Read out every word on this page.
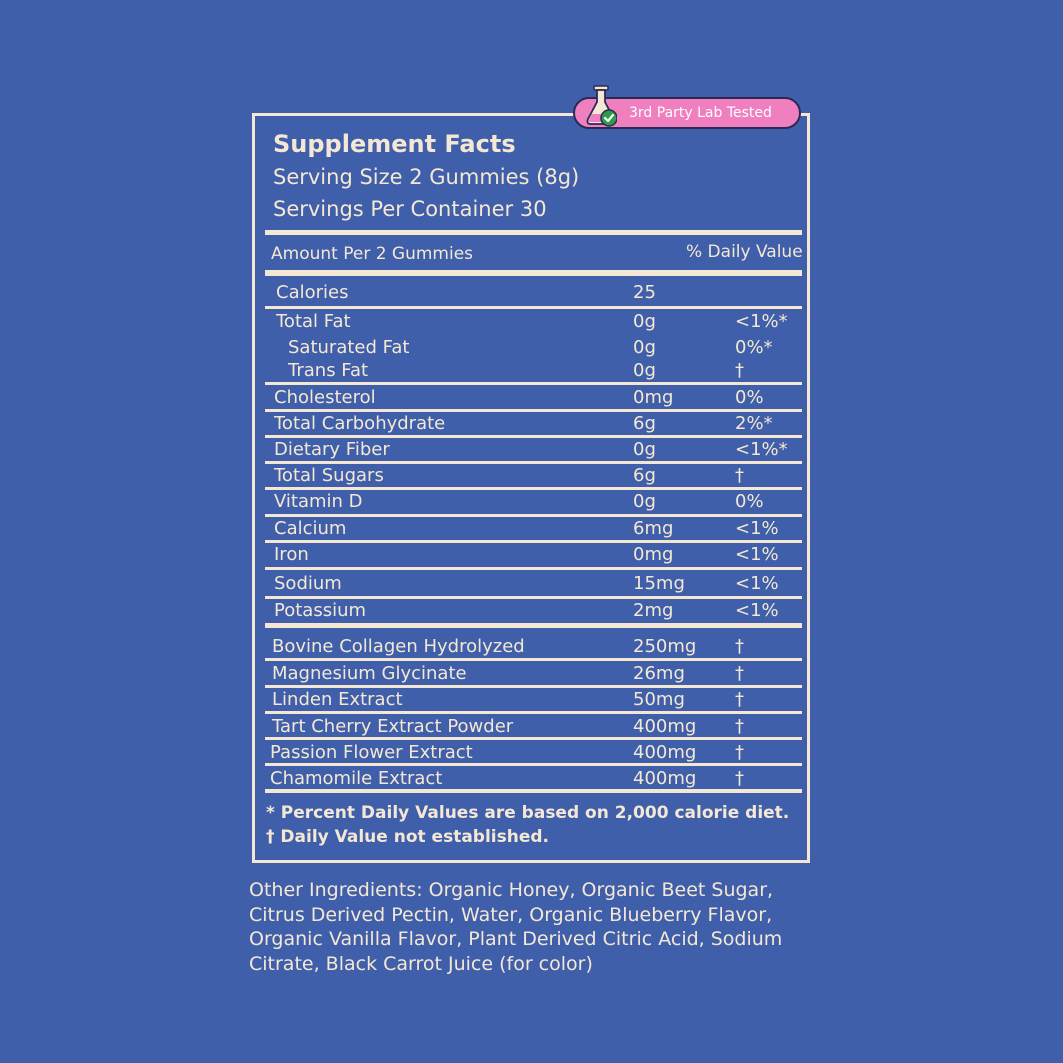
3rd Party Lab Tested
Supplement Facts
Serving Size 2 Gummies (8g)
Servings Per Container 30
Amount Per 2 Gummies	% Daily Value
Calories	25
Total Fat	0g	<1%*
Saturated Fat	0g	0%*
Trans Fat	0g	†
Cholesterol	0mg	0%
Total Carbohydrate	6g	2%*
Dietary Fiber	0g	<1%*
Total Sugars	6g	†
Vitamin D	0g	0%
Calcium	6mg	<1%
Iron	0mg	<1%
Sodium	15mg	<1%
Potassium	2mg	<1%
Bovine Collagen Hydrolyzed	250mg †
Magnesium Glycinate	26mg	†
Linden Extract	50mg	†
Tart Cherry Extract Powder	400mg †
Passion Flower Extract	400mg †
Chamomile Extract	400mg †
* Percent Daily Values are based on 2,000 calorie diet.
† Daily Value not established.
Other Ingredients: Organic Honey, Organic Beet Sugar, Citrus Derived Pectin, Water, Organic Blueberry Flavor, Organic Vanilla Flavor, Plant Derived Citric Acid, Sodium Citrate, Black Carrot Juice (for color)
